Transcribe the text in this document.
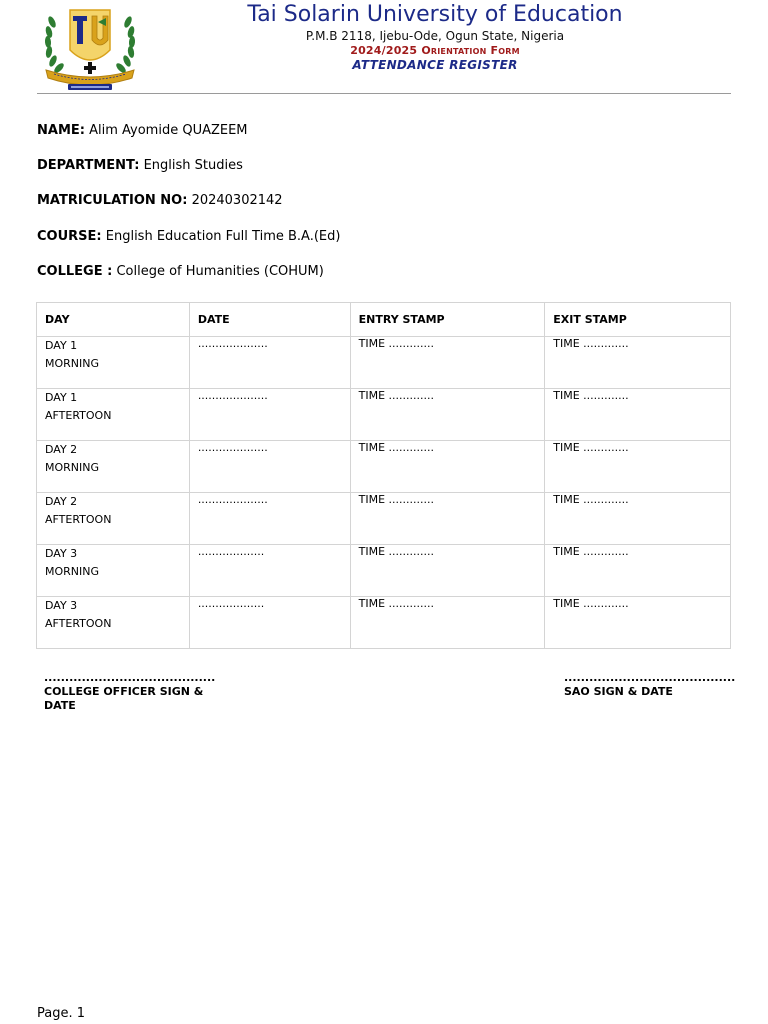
Tai Solarin University of Education
P.M.B 2118, Ijebu-Ode, Ogun State, Nigeria
2024/2025 Orientation Form
ATTENDANCE REGISTER
NAME: Alim Ayomide QUAZEEM
DEPARTMENT: English Studies
MATRICULATION NO: 20240302142
COURSE: English Education Full Time B.A.(Ed)
COLLEGE : College of Humanities (COHUM)
DAY	DATE	ENTRY STAMP	EXIT STAMP

DAY 1
MORNING	....................	TIME .............	TIME .............

DAY 1
AFTERTOON	....................	TIME .............	TIME .............

DAY 2
MORNING	....................	TIME .............	TIME .............

DAY 2
AFTERTOON	....................	TIME .............	TIME .............

DAY 3
MORNING	...................	TIME .............	TIME .............

DAY 3
AFTERTOON	...................	TIME .............	TIME .............
.........................................
COLLEGE OFFICER SIGN & DATE
.........................................
SAO SIGN & DATE
Page. 1
